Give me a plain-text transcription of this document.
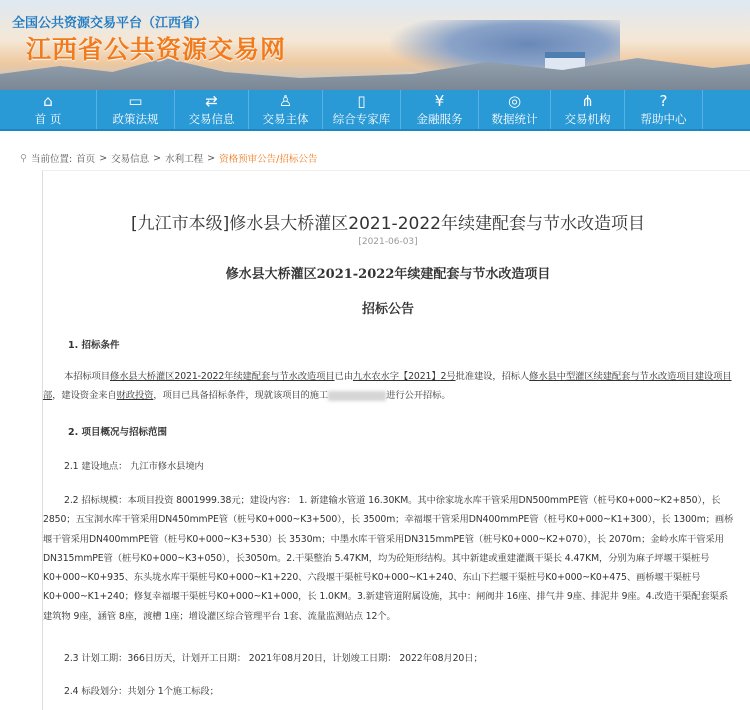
全国公共资源交易平台（江西省）
江西省公共资源交易网
⌂
首 页
▭
政策法规
⇄
交易信息
♙
交易主体
▯
综合专家库
¥
金融服务
◎
数据统计
⋔
交易机构
?
帮助中心
⚲ 当前位置: 首页 > 交易信息 > 水利工程 > 资格预审公告/招标公告
[九江市本级]修水县大桥灌区2021-2022年续建配套与节水改造项目
[2021-06-03]
修水县大桥灌区2021-2022年续建配套与节水改造项目
招标公告
1. 招标条件
本招标项目修水县大桥灌区2021-2022年续建配套与节水改造项目已由九水农水字【2021】2号批准建设，招标人修水县中型灌区续建配套与节水改造项目建设项目部，建设资金来自财政投资，项目已具备招标条件，现就该项目的施工	进行公开招标。
2. 项目概况与招标范围
2.1 建设地点： 九江市修水县境内
2.2 招标规模：本项目投资 8001999.38元；建设内容： 1. 新建输水管道 16.30KM。其中徐家垅水库干管采用DN500mmPE管（桩号K0+000~K2+850），长 2850；五宝洞水库干管采用DN450mmPE管（桩号K0+000~K3+500），长 3500m；幸福堰干管采用DN400mmPE管（桩号K0+000~K1+300），长 1300m；画桥堰干管采用DN400mmPE管（桩号K0+000~K3+530）长 3530m；中墨水库干管采用DN315mmPE管（桩号K0+000~K2+070），长 2070m；金岭水库干管采用DN315mmPE管（桩号K0+000~K3+050），长3050m。2.干渠整治 5.47KM，均为砼矩形结构。其中新建或重建灌溉干渠长 4.47KM，分别为麻子坪堰干渠桩号K0+000~K0+935、东头垅水库干渠桩号K0+000~K1+220、六段堰干渠桩号K0+000~K1+240、东山下拦堰干渠桩号K0+000~K0+475、画桥堰干渠桩号K0+000~K1+240；修复幸福堰干渠桩号K0+000~K1+000，长 1.0KM。3.新建管道附属设施，其中：闸阀井 16座、排气井 9座、排泥井 9座。4.改造干渠配套渠系建筑物 9座，涵管 8座，渡槽 1座；增设灌区综合管理平台 1套、流量监测站点 12个。
2.3 计划工期：366日历天，计划开工日期： 2021年08月20日，计划竣工日期： 2022年08月20日；
2.4 标段划分：共划分 1个施工标段；
